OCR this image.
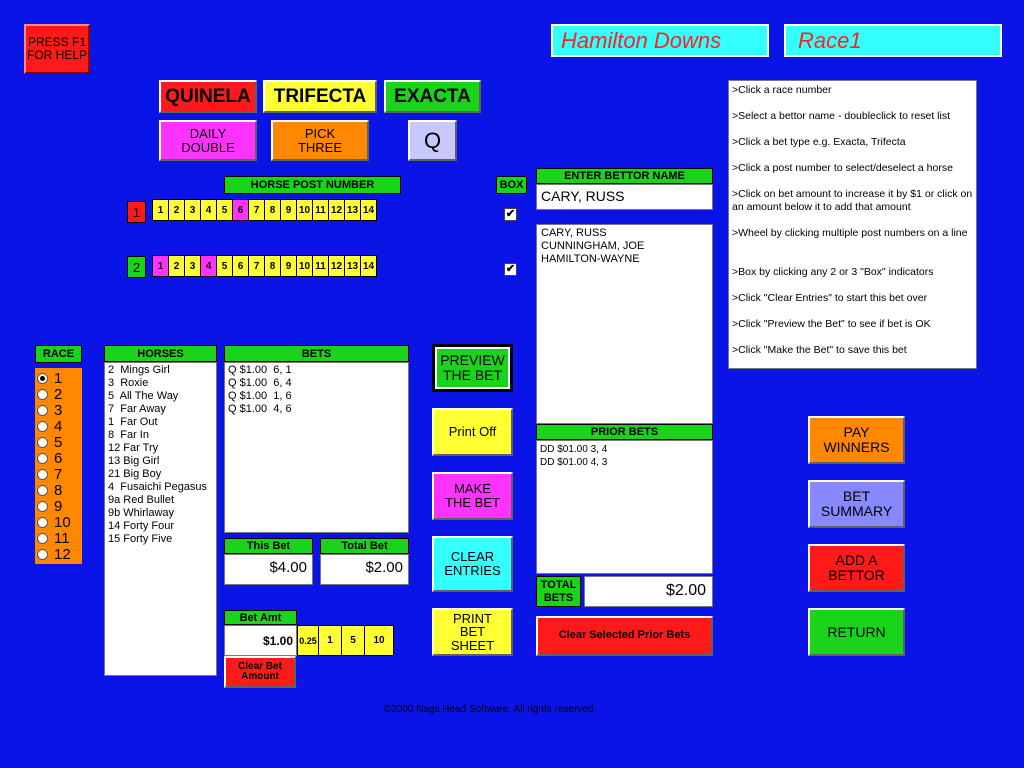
PRESS F1 FOR HELP
Hamilton Downs	Race1
QUINELA	TRIFECTA	EXACTA
DAILY DOUBLE
PICK THREE	Q
HORSE POST NUMBER	BOX
1	1	2	3	4	5	6	7	8	9 10 11 12 13 14	✔
2	1	2	3	4	5	6	7	8	9 10 11 12 13 14	✔
ENTER BETTOR NAME
CARY, RUSS
CARY, RUSS
CUNNINGHAM, JOE
HAMILTON-WAYNE
>Click a race number
>Select a bettor name - doubleclick to reset list
>Click a bet type e.g. Exacta, Trifecta
>Click a post number to select/deselect a horse
>Click on bet amount to increase it by $1 or click on an amount below it to add that amount
>Wheel by clicking multiple post numbers on a line
>Box by clicking any 2 or 3 "Box" indicators
>Click "Clear Entries" to start this bet over
>Click "Preview the Bet" to see if bet is OK
>Click "Make the Bet" to save this bet
RACE
1
2
3
4
5
6
7
8
9
10
11
12
HORSES
2  Mings Girl
3  Roxie
5  All The Way
7  Far Away
1  Far Out
8  Far In
12 Far Try
13 Big Girl
21 Big Boy
4  Fusaichi Pegasus
9a Red Bullet
9b Whirlaway
14 Forty Four
15 Forty Five
BETS
Q $1.00  6, 1
Q $1.00  6, 4
Q $1.00  1, 6
Q $1.00  4, 6
This Bet
$4.00
Total Bet
$2.00
Bet Amt
$1.00 0.25	1	5	10
Clear Bet Amount
PREVIEW THE BET
Print Off
MAKE THE BET
CLEAR ENTRIES
PRINT BET SHEET
PRIOR BETS
DD $01.00 3, 4
DD $01.00 4, 3
TOTAL BETS	$2.00
Clear Selected Prior Bets
PAY WINNERS
BET SUMMARY
ADD A BETTOR
RETURN
©2000 Nags Head Software. All rights reserved.
